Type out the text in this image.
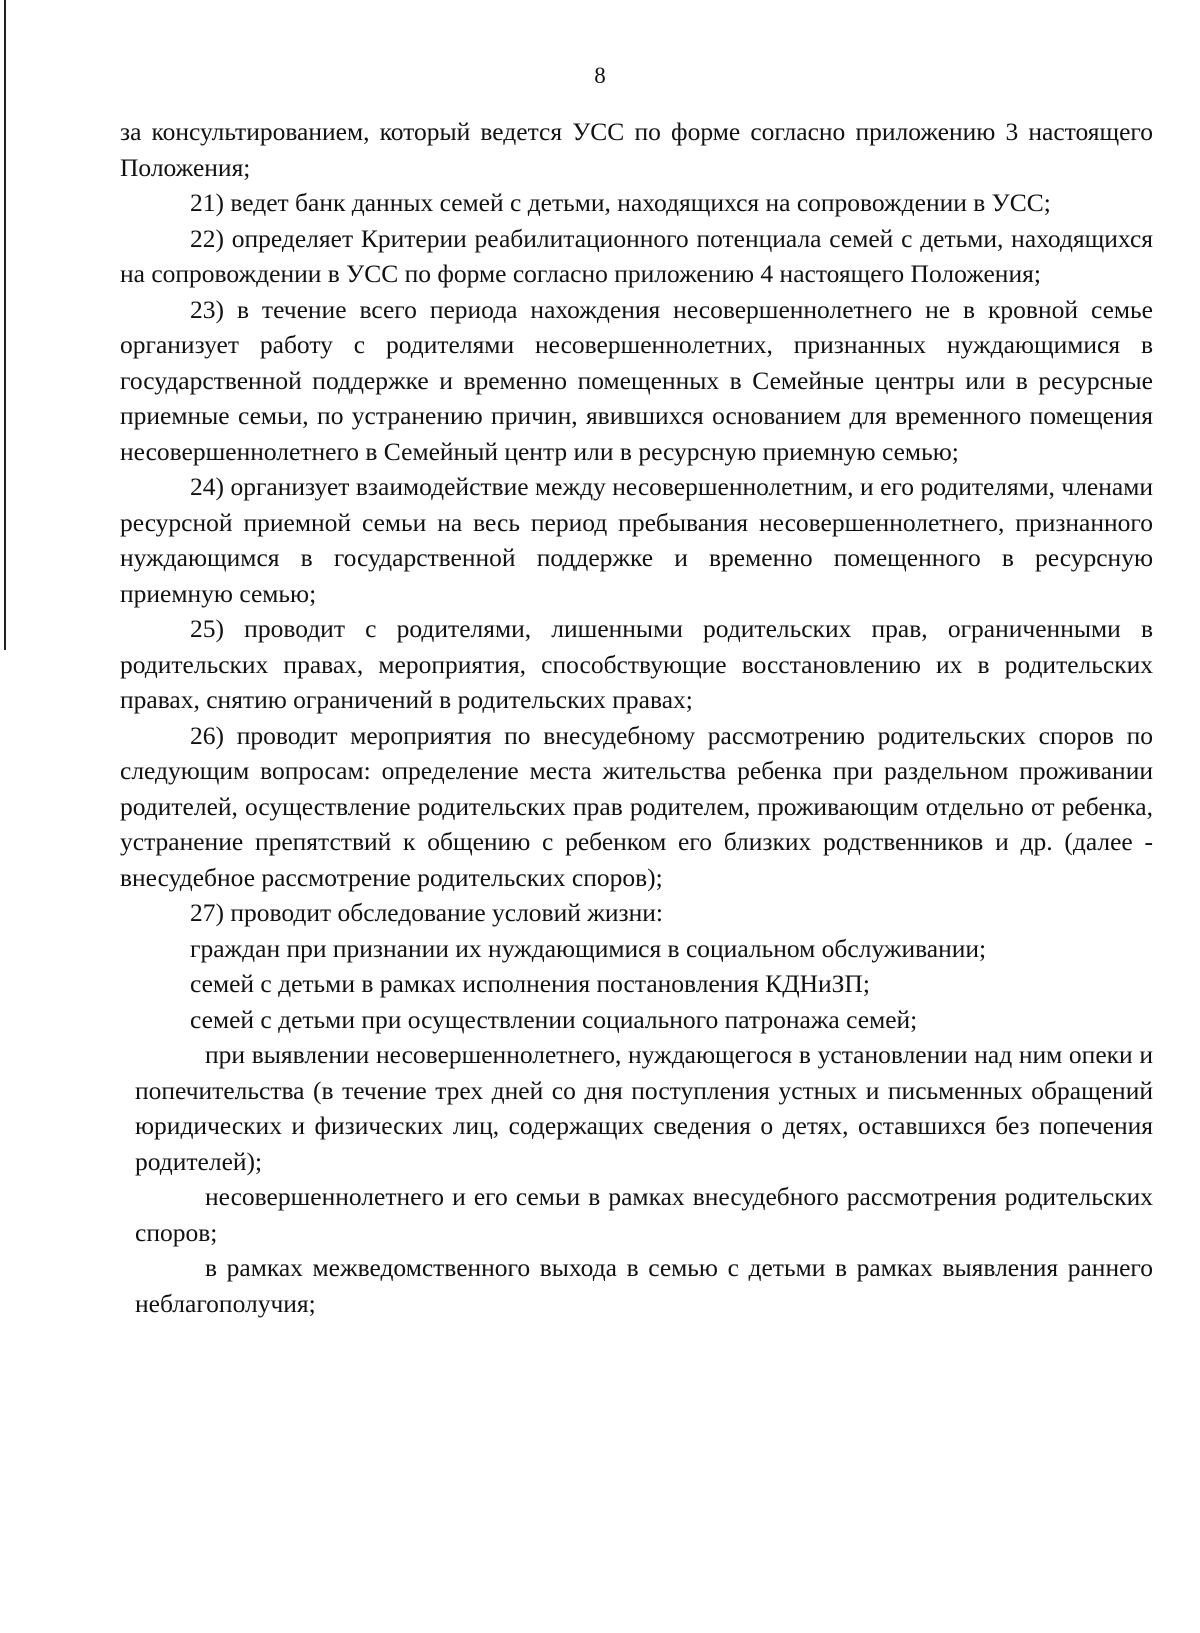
8

за консультированием, который ведется УСС по форме согласно приложению 3 настоящего Положения;

21) ведет банк данных семей с детьми, находящихся на сопровождении в УСС;

22) определяет Критерии реабилитационного потенциала семей с детьми, находящихся на сопровождении в УСС по форме согласно приложению 4 настоящего Положения;

23) в течение всего периода нахождения несовершеннолетнего не в кровной семье организует работу с родителями несовершеннолетних, признанных нуждающимися в государственной поддержке и временно помещенных в Семейные центры или в ресурсные приемные семьи, по устранению причин, явившихся основанием для временного помещения несовершеннолетнего в Семейный центр или в ресурсную приемную семью;

24) организует взаимодействие между несовершеннолетним, и его родителями, членами ресурсной приемной семьи на весь период пребывания несовершеннолетнего, признанного нуждающимся в государственной поддержке и временно помещенного в ресурсную приемную семью;

25) проводит с родителями, лишенными родительских прав, ограниченными в родительских правах, мероприятия, способствующие восстановлению их в родительских правах, снятию ограничений в родительских правах;

26) проводит мероприятия по внесудебному рассмотрению родительских споров по следующим вопросам: определение места жительства ребенка при раздельном проживании родителей, осуществление родительских прав родителем, проживающим отдельно от ребенка, устранение препятствий к общению с ребенком его близких родственников и др. (далее - внесудебное рассмотрение родительских споров);

27) проводит обследование условий жизни:

граждан при признании их нуждающимися в социальном обслуживании;

семей с детьми в рамках исполнения постановления КДНиЗП;

семей с детьми при осуществлении социального патронажа семей;

при выявлении несовершеннолетнего, нуждающегося в установлении над ним опеки и попечительства (в течение трех дней со дня поступления устных и письменных обращений юридических и физических лиц, содержащих сведения о детях, оставшихся без попечения родителей);

несовершеннолетнего и его семьи в рамках внесудебного рассмотрения родительских споров;

в рамках межведомственного выхода в семью с детьми в рамках выявления раннего неблагополучия;
